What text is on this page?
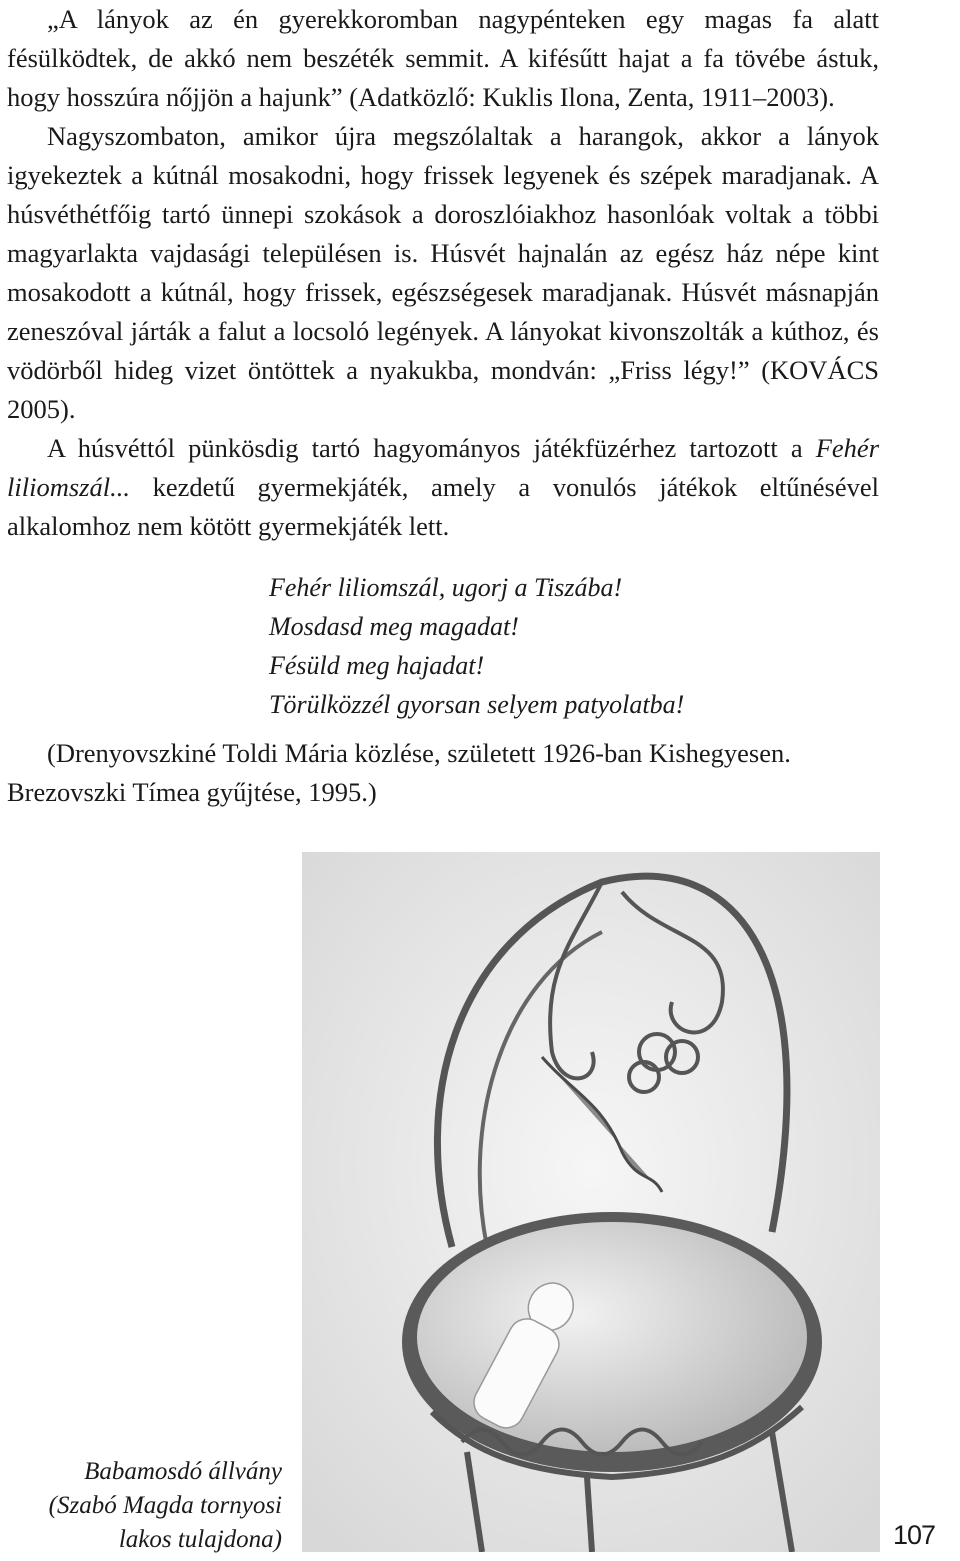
„A lányok az én gyerekkoromban nagypénteken egy magas fa alatt fésülködtek, de akkó nem beszéték semmit. A kifésűtt hajat a fa tövébe ástuk, hogy hosszúra nőjjön a hajunk” (Adatközlő: Kuklis Ilona, Zenta, 1911–2003).

Nagyszombaton, amikor újra megszólaltak a harangok, akkor a lányok igyekeztek a kútnál mosakodni, hogy frissek legyenek és szépek maradjanak. A húsvéthétfőig tartó ünnepi szokások a doroszlóiakhoz hasonlóak voltak a többi magyarlakta vajdasági településen is. Húsvét hajnalán az egész ház népe kint mosakodott a kútnál, hogy frissek, egészségesek maradjanak. Húsvét másnapján zeneszóval járták a falut a locsoló legények. A lányokat kivonszolták a kúthoz, és vödörből hideg vizet öntöttek a nyakukba, mondván: „Friss légy!” (KOVÁCS 2005).

A húsvéttól pünkösdig tartó hagyományos játékfüzérhez tartozott a Fehér liliomszál... kezdetű gyermekjáték, amely a vonulós játékok eltűnésével alkalomhoz nem kötött gyermekjáték lett.

Fehér liliomszál, ugorj a Tiszába!
Mosdasd meg magadat!
Fésüld meg hajadat!
Törülközzél gyorsan selyem patyolatba!

(Drenyovszkiné Toldi Mária közlése, született 1926-ban Kishegyesen. Brezovszki Tímea gyűjtése, 1995.)

Babamosdó állvány
(Szabó Magda tornyosi
lakos tulajdona)	107
